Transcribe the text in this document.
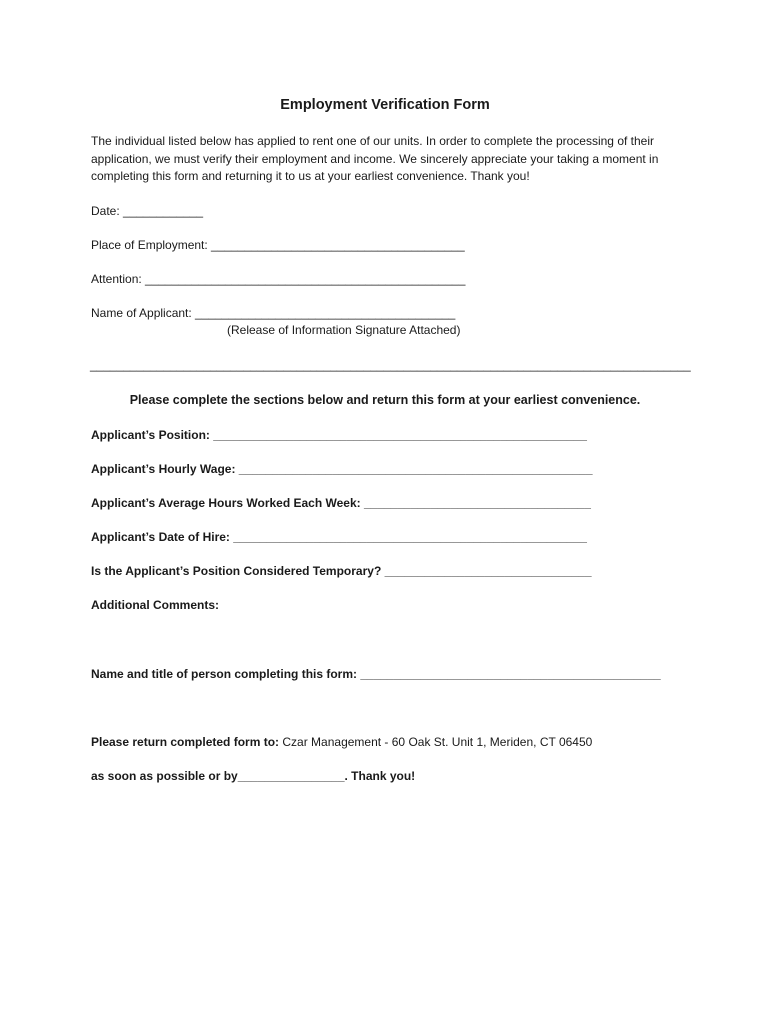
Employment Verification Form
The individual listed below has applied to rent one of our units. In order to complete the processing of their application, we must verify their employment and income. We sincerely appreciate your taking a moment in completing this form and returning it to us at your earliest convenience. Thank you!
Date: ____________
Place of Employment: ______________________________________
Attention: ________________________________________________
Name of Applicant: _______________________________________
(Release of Information Signature Attached)
__________________________________________________________________________________________
Please complete the sections below and return this form at your earliest convenience.
Applicant’s Position: ________________________________________________________
Applicant’s Hourly Wage: _____________________________________________________
Applicant’s Average Hours Worked Each Week: __________________________________
Applicant’s Date of Hire: _____________________________________________________
Is the Applicant’s Position Considered Temporary? _______________________________
Additional Comments:
Name and title of person completing this form: _____________________________________________
Please return completed form to: Czar Management - 60 Oak St. Unit 1, Meriden, CT 06450
as soon as possible or by________________. Thank you!
